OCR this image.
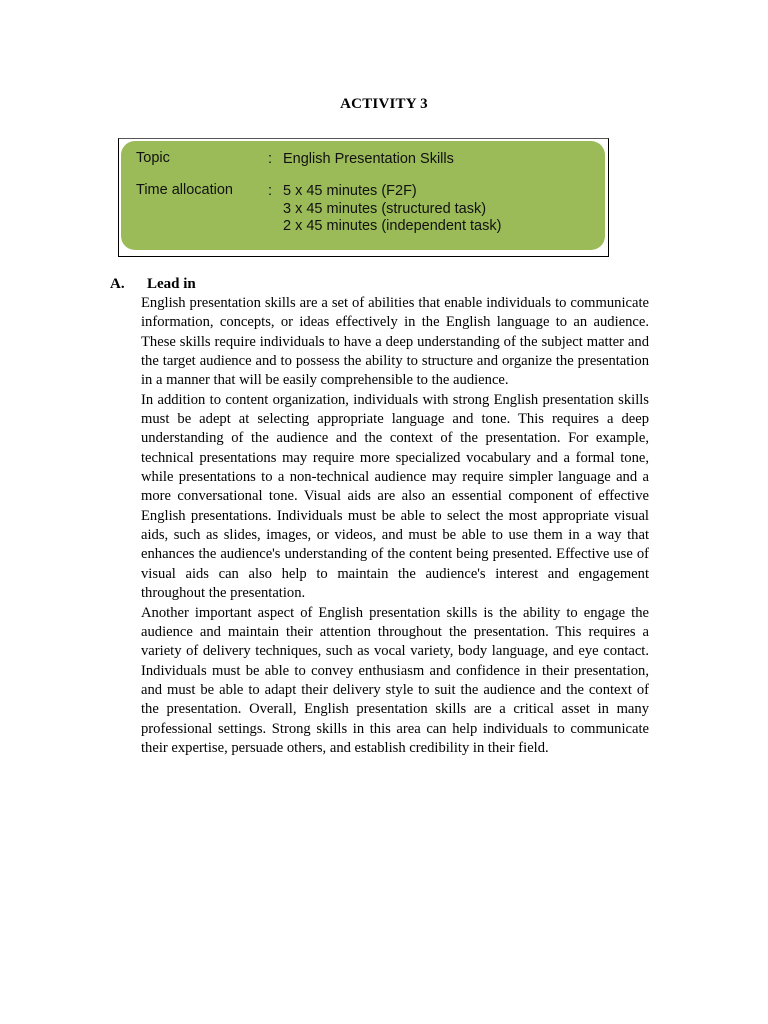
ACTIVITY 3
Topic	: English Presentation Skills
Time allocation : 5 x 45 minutes (F2F)
3 x 45 minutes (structured task)
2 x 45 minutes (independent task)
A. Lead in

English presentation skills are a set of abilities that enable individuals to communicate information, concepts, or ideas effectively in the English language to an audience. These skills require individuals to have a deep understanding of the subject matter and the target audience and to possess the ability to structure and organize the presentation in a manner that will be easily comprehensible to the audience.

In addition to content organization, individuals with strong English presentation skills must be adept at selecting appropriate language and tone. This requires a deep understanding of the audience and the context of the presentation. For example, technical presentations may require more specialized vocabulary and a formal tone, while presentations to a non-technical audience may require simpler language and a more conversational tone. Visual aids are also an essential component of effective English presentations. Individuals must be able to select the most appropriate visual aids, such as slides, images, or videos, and must be able to use them in a way that enhances the audience's understanding of the content being presented. Effective use of visual aids can also help to maintain the audience's interest and engagement throughout the presentation.

Another important aspect of English presentation skills is the ability to engage the audience and maintain their attention throughout the presentation. This requires a variety of delivery techniques, such as vocal variety, body language, and eye contact. Individuals must be able to convey enthusiasm and confidence in their presentation, and must be able to adapt their delivery style to suit the audience and the context of the presentation. Overall, English presentation skills are a critical asset in many professional settings. Strong skills in this area can help individuals to communicate their expertise, persuade others, and establish credibility in their field.
